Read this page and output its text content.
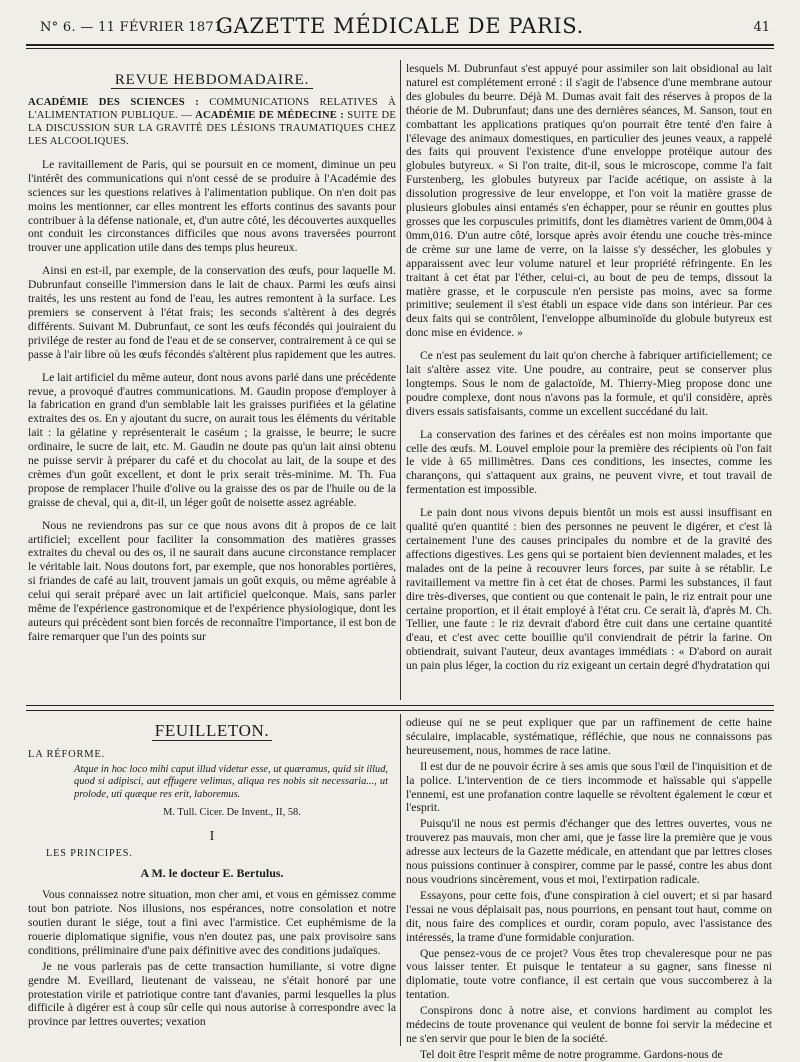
N° 6. — 11 FÉVRIER 1871.
GAZETTE MÉDICALE DE PARIS.	41
REVUE HEBDOMADAIRE.

ACADÉMIE DES SCIENCES : COMMUNICATIONS RELATIVES À L'ALIMENTATION PUBLIQUE. — ACADÉMIE DE MÉDECINE : SUITE DE LA DISCUSSION SUR LA GRAVITÉ DES LÉSIONS TRAUMATIQUES CHEZ LES ALCOOLIQUES.

Le ravitaillement de Paris, qui se poursuit en ce moment, diminue un peu l'intérêt des communications qui n'ont cessé de se produire à l'Académie des sciences sur les questions relatives à l'alimentation publique. On n'en doit pas moins les mentionner, car elles montrent les efforts continus des savants pour contribuer à la défense nationale, et, d'un autre côté, les découvertes auxquelles ont conduit les circonstances difficiles que nous avons traversées pourront trouver une application utile dans des temps plus heureux.

Ainsi en est-il, par exemple, de la conservation des œufs, pour laquelle M. Dubrunfaut conseille l'immersion dans le lait de chaux. Parmi les œufs ainsi traités, les uns restent au fond de l'eau, les autres remontent à la surface. Les premiers se conservent à l'état frais; les seconds s'altèrent à des degrés différents. Suivant M. Dubrunfaut, ce sont les œufs fécondés qui jouiraient du privilége de rester au fond de l'eau et de se conserver, contrairement à ce qui se passe à l'air libre où les œufs fécondés s'altèrent plus rapidement que les autres.

Le lait artificiel du même auteur, dont nous avons parlé dans une précédente revue, a provoqué d'autres communications. M. Gaudin propose d'employer à la fabrication en grand d'un semblable lait les graisses purifiées et la gélatine extraites des os. En y ajoutant du sucre, on aurait tous les éléments du véritable lait : la gélatine y représenterait le caséum ; la graisse, le beurre; le sucre ordinaire, le sucre de lait, etc. M. Gaudin ne doute pas qu'un lait ainsi obtenu ne puisse servir à préparer du café et du chocolat au lait, de la soupe et des crèmes d'un goût excellent, et dont le prix serait très-minime. M. Th. Fua propose de remplacer l'huile d'olive ou la graisse des os par de l'huile ou de la graisse de cheval, qui a, dit-il, un léger goût de noisette assez agréable.

Nous ne reviendrons pas sur ce que nous avons dit à propos de ce lait artificiel; excellent pour faciliter la consommation des matières grasses extraites du cheval ou des os, il ne saurait dans aucune circonstance remplacer le véritable lait. Nous doutons fort, par exemple, que nos honorables portières, si friandes de café au lait, trouvent jamais un goût exquis, ou même agréable à celui qui serait préparé avec un lait artificiel quelconque. Mais, sans parler même de l'expérience gastronomique et de l'expérience physiologique, dont les auteurs qui précèdent sont bien forcés de reconnaître l'importance, il est bon de faire remarquer que l'un des points sur

lesquels M. Dubrunfaut s'est appuyé pour assimiler son lait obsidional au lait naturel est complétement erroné : il s'agit de l'absence d'une membrane autour des globules du beurre. Déjà M. Dumas avait fait des réserves à propos de la théorie de M. Dubrunfaut; dans une des dernières séances, M. Sanson, tout en combattant les applications pratiques qu'on pourrait être tenté d'en faire à l'élevage des animaux domestiques, en particulier des jeunes veaux, a rappelé des faits qui prouvent l'existence d'une enveloppe protéique autour des globules butyreux. « Si l'on traite, dit-il, sous le microscope, comme l'a fait Furstenberg, les globules butyreux par l'acide acétique, on assiste à la dissolution progressive de leur enveloppe, et l'on voit la matière grasse de plusieurs globules ainsi entamés s'en échapper, pour se réunir en gouttes plus grosses que les corpuscules primitifs, dont les diamètres varient de 0mm,004 à 0mm,016. D'un autre côté, lorsque après avoir étendu une couche très-mince de crème sur une lame de verre, on la laisse s'y dessécher, les globules y apparaissent avec leur volume naturel et leur propriété réfringente. En les traitant à cet état par l'éther, celui-ci, au bout de peu de temps, dissout la matière grasse, et le corpuscule n'en persiste pas moins, avec sa forme primitive; seulement il s'est établi un espace vide dans son intérieur. Par ces deux faits qui se contrôlent, l'enveloppe albuminoïde du globule butyreux est donc mise en évidence. »

Ce n'est pas seulement du lait qu'on cherche à fabriquer artificiellement; ce lait s'altère assez vite. Une poudre, au contraire, peut se conserver plus longtemps. Sous le nom de galactoïde, M. Thierry-Mieg propose donc une poudre complexe, dont nous n'avons pas la formule, et qu'il considère, après divers essais satisfaisants, comme un excellent succédané du lait.

La conservation des farines et des céréales est non moins importante que celle des œufs. M. Louvel emploie pour la première des récipients où l'on fait le vide à 65 millimètres. Dans ces conditions, les insectes, comme les charançons, qui s'attaquent aux grains, ne peuvent vivre, et tout travail de fermentation est impossible.

Le pain dont nous vivons depuis bientôt un mois est aussi insuffisant en qualité qu'en quantité : bien des personnes ne peuvent le digérer, et c'est là certainement l'une des causes principales du nombre et de la gravité des affections digestives. Les gens qui se portaient bien deviennent malades, et les malades ont de la peine à recouvrer leurs forces, par suite à se rétablir. Le ravitaillement va mettre fin à cet état de choses. Parmi les substances, il faut dire très-diverses, que contient ou que contenait le pain, le riz entrait pour une certaine proportion, et il était employé à l'état cru. Ce serait là, d'après M. Ch. Tellier, une faute : le riz devrait d'abord être cuit dans une certaine quantité d'eau, et c'est avec cette bouillie qu'il conviendrait de pétrir la farine. On obtiendrait, suivant l'auteur, deux avantages immédiats : « D'abord on aurait un pain plus léger, la coction du riz exigeant un certain degré d'hydratation qui

FEUILLETON.

LA RÉFORME.

Atque in hoc loco mihi caput illud videtur esse, ut quæramus, quid sit illud, quod si adipisci, aut effugere velimus, aliqua res nobis sit necessaria..., ut prolode, uti quæque res erit, laboremus.

M. Tull. Cicer. De Invent., II, 58.

I

LES PRINCIPES.

A M. le docteur E. Bertulus.

Vous connaissez notre situation, mon cher ami, et vous en gémissez comme tout bon patriote. Nos illusions, nos espérances, notre consolation et notre soutien durant le siége, tout a fini avec l'armistice. Cet euphémisme de la rouerie diplomatique signifie, vous n'en doutez pas, une paix provisoire sans conditions, préliminaire d'une paix définitive avec des conditions judaïques.

Je ne vous parlerais pas de cette transaction humiliante, si votre digne gendre M. Eveillard, lieutenant de vaisseau, ne s'était honoré par une protestation virile et patriotique contre tant d'avanies, parmi lesquelles la plus difficile à digérer est à coup sûr celle qui nous autorise à correspondre avec la province par lettres ouvertes; vexation

odieuse qui ne se peut expliquer que par un raffinement de cette haine séculaire, implacable, systématique, réfléchie, que nous ne connaissons pas heureusement, nous, hommes de race latine.

Il est dur de ne pouvoir écrire à ses amis que sous l'œil de l'inquisition et de la police. L'intervention de ce tiers incommode et haïssable qui s'appelle l'ennemi, est une profanation contre laquelle se révoltent également le cœur et l'esprit.

Puisqu'il ne nous est permis d'échanger que des lettres ouvertes, vous ne trouverez pas mauvais, mon cher ami, que je fasse lire la première que je vous adresse aux lecteurs de la Gazette médicale, en attendant que par lettres closes nous puissions continuer à conspirer, comme par le passé, contre les abus dont nous voudrions sincèrement, vous et moi, l'extirpation radicale.

Essayons, pour cette fois, d'une conspiration à ciel ouvert; et si par hasard l'essai ne vous déplaisait pas, nous pourrions, en pensant tout haut, comme on dit, nous faire des complices et ourdir, coram populo, avec l'assistance des intéressés, la trame d'une formidable conjuration.

Que pensez-vous de ce projet? Vous êtes trop chevaleresque pour ne pas vous laisser tenter. Et puisque le tentateur a su gagner, sans finesse ni diplomatie, toute votre confiance, il est certain que vous succomberez à la tentation.

Conspirons donc à notre aise, et convions hardiment au complot les médecins de toute provenance qui veulent de bonne foi servir la médecine et ne s'en servir que pour le bien de la société.

Tel doit être l'esprit même de notre programme. Gardons-nous de
